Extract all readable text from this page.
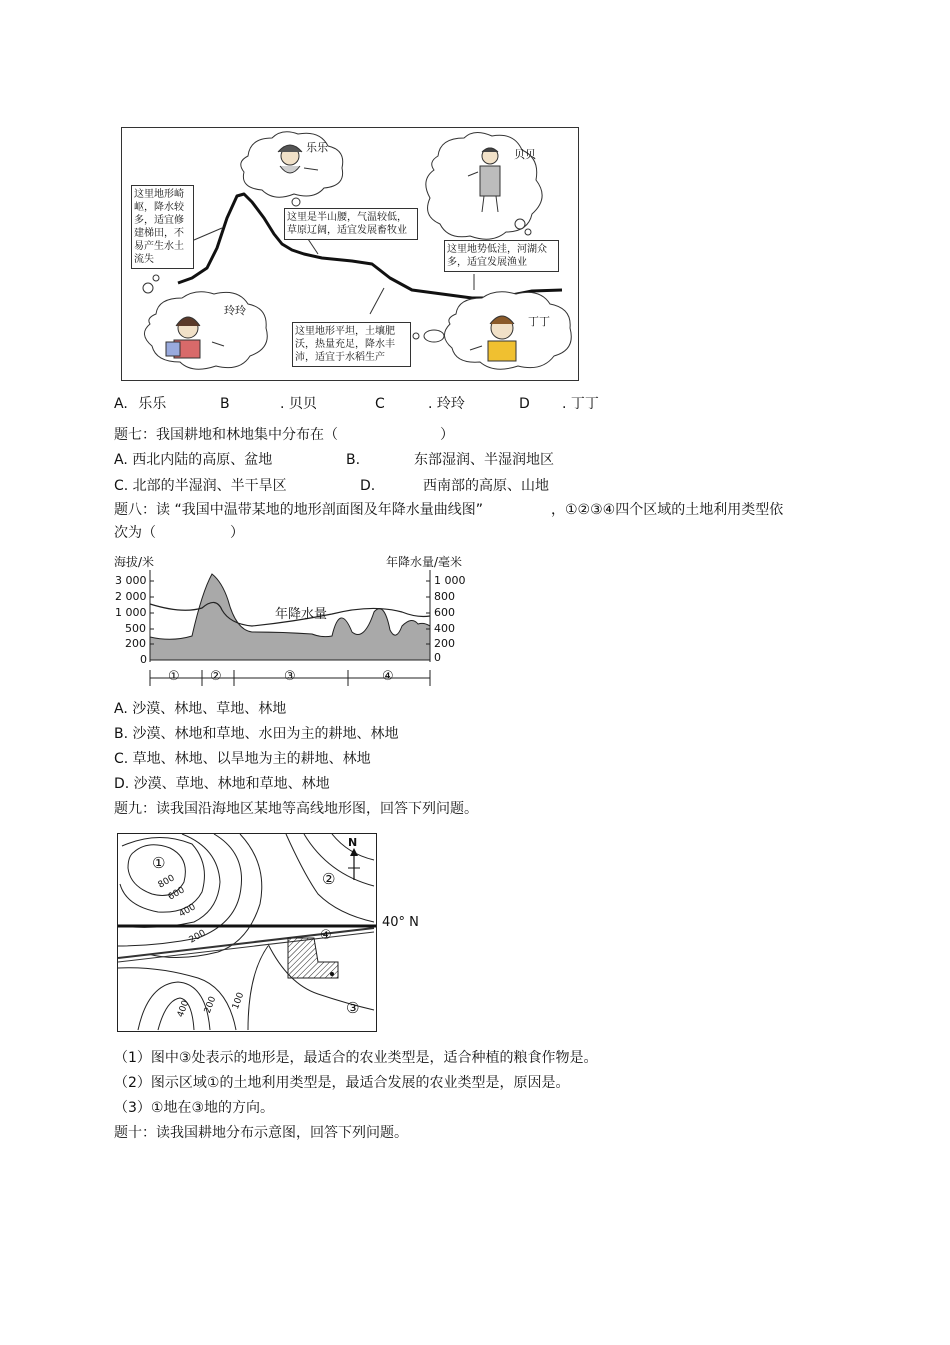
乐乐
贝贝
玲玲
丁丁
这里地形崎岖，降水较多，适宜修建梯田，不易产生水土流失
这里是半山腰，气温较低，草原辽阔，适宜发展畜牧业
这里地势低洼，河湖众多，适宜发展渔业
这里地形平坦，土壤肥沃，热量充足，降水丰沛，适宜于水稻生产
A. 乐乐	B	. 贝贝	C	. 玲玲	D . 丁丁
题七：我国耕地和林地集中分布在（	）
A. 西北内陆的高原、盆地	B.	东部湿润、半湿润地区
C. 北部的半湿润、半干旱区	D.	西南部的高原、山地
题八：读 “我国中温带某地的地形剖面图及年降水量曲线图”	，①②③④四个区域的土地利用类型依
次为（	）
海拔/米	年降水量/毫米
3 000
2 000
1 000
500
200
0
1 000
800
600
400
200
0
年降水量
① ②	③	④
A. 沙漠、林地、草地、林地
B. 沙漠、林地和草地、水田为主的耕地、林地
C. 草地、林地、以旱地为主的耕地、林地
D. 沙漠、草地、林地和草地、林地
题九：读我国沿海地区某地等高线地形图，回答下列问题。
N
①
②
③
④
800
600
400
200
400 200 100
40° N
（1）图中③处表示的地形是，最适合的农业类型是，适合种植的粮食作物是。
（2）图示区域①的土地利用类型是，最适合发展的农业类型是，原因是。
（3）①地在③地的方向。
题十：读我国耕地分布示意图，回答下列问题。
